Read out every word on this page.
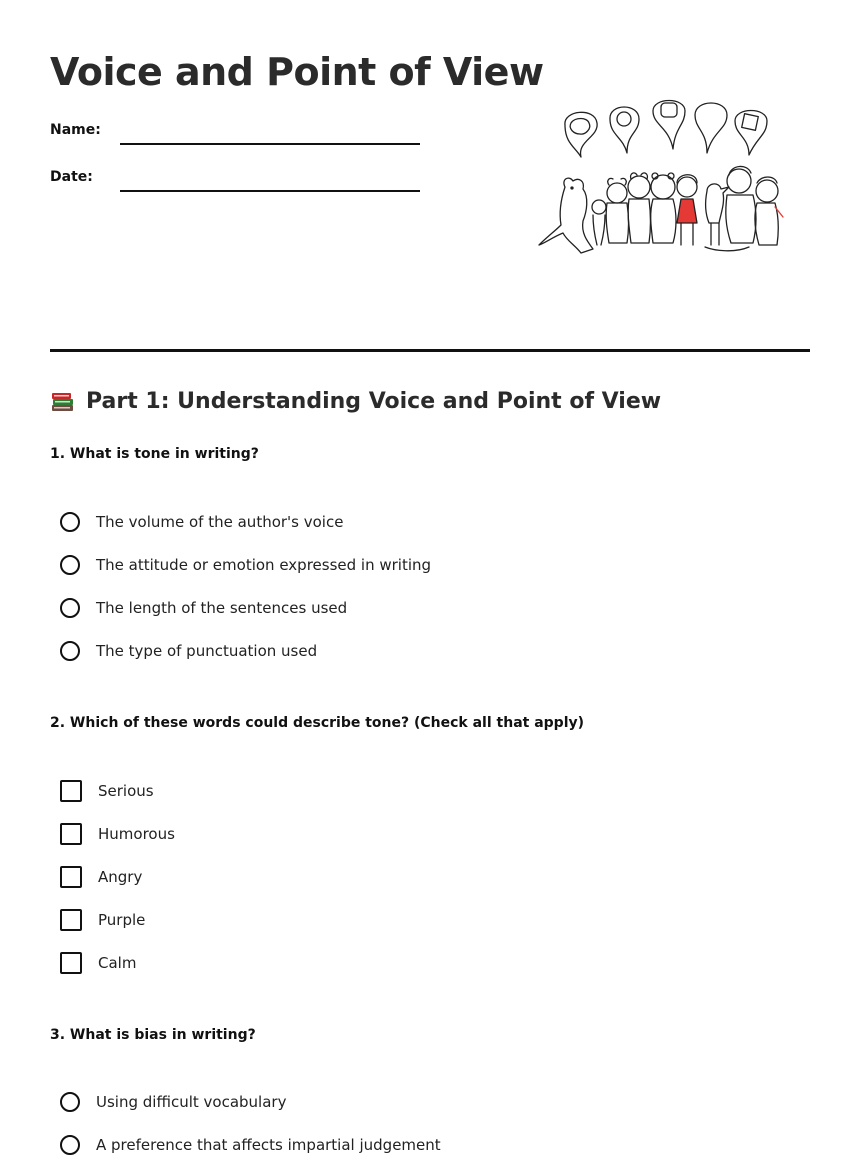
Voice and Point of View
Name:
Date:
Part 1: Understanding Voice and Point of View
1. What is tone in writing?
The volume of the author's voice
The attitude or emotion expressed in writing
The length of the sentences used
The type of punctuation used
2. Which of these words could describe tone? (Check all that apply)
Serious
Humorous
Angry
Purple
Calm
3. What is bias in writing?
Using difficult vocabulary
A preference that affects impartial judgement
